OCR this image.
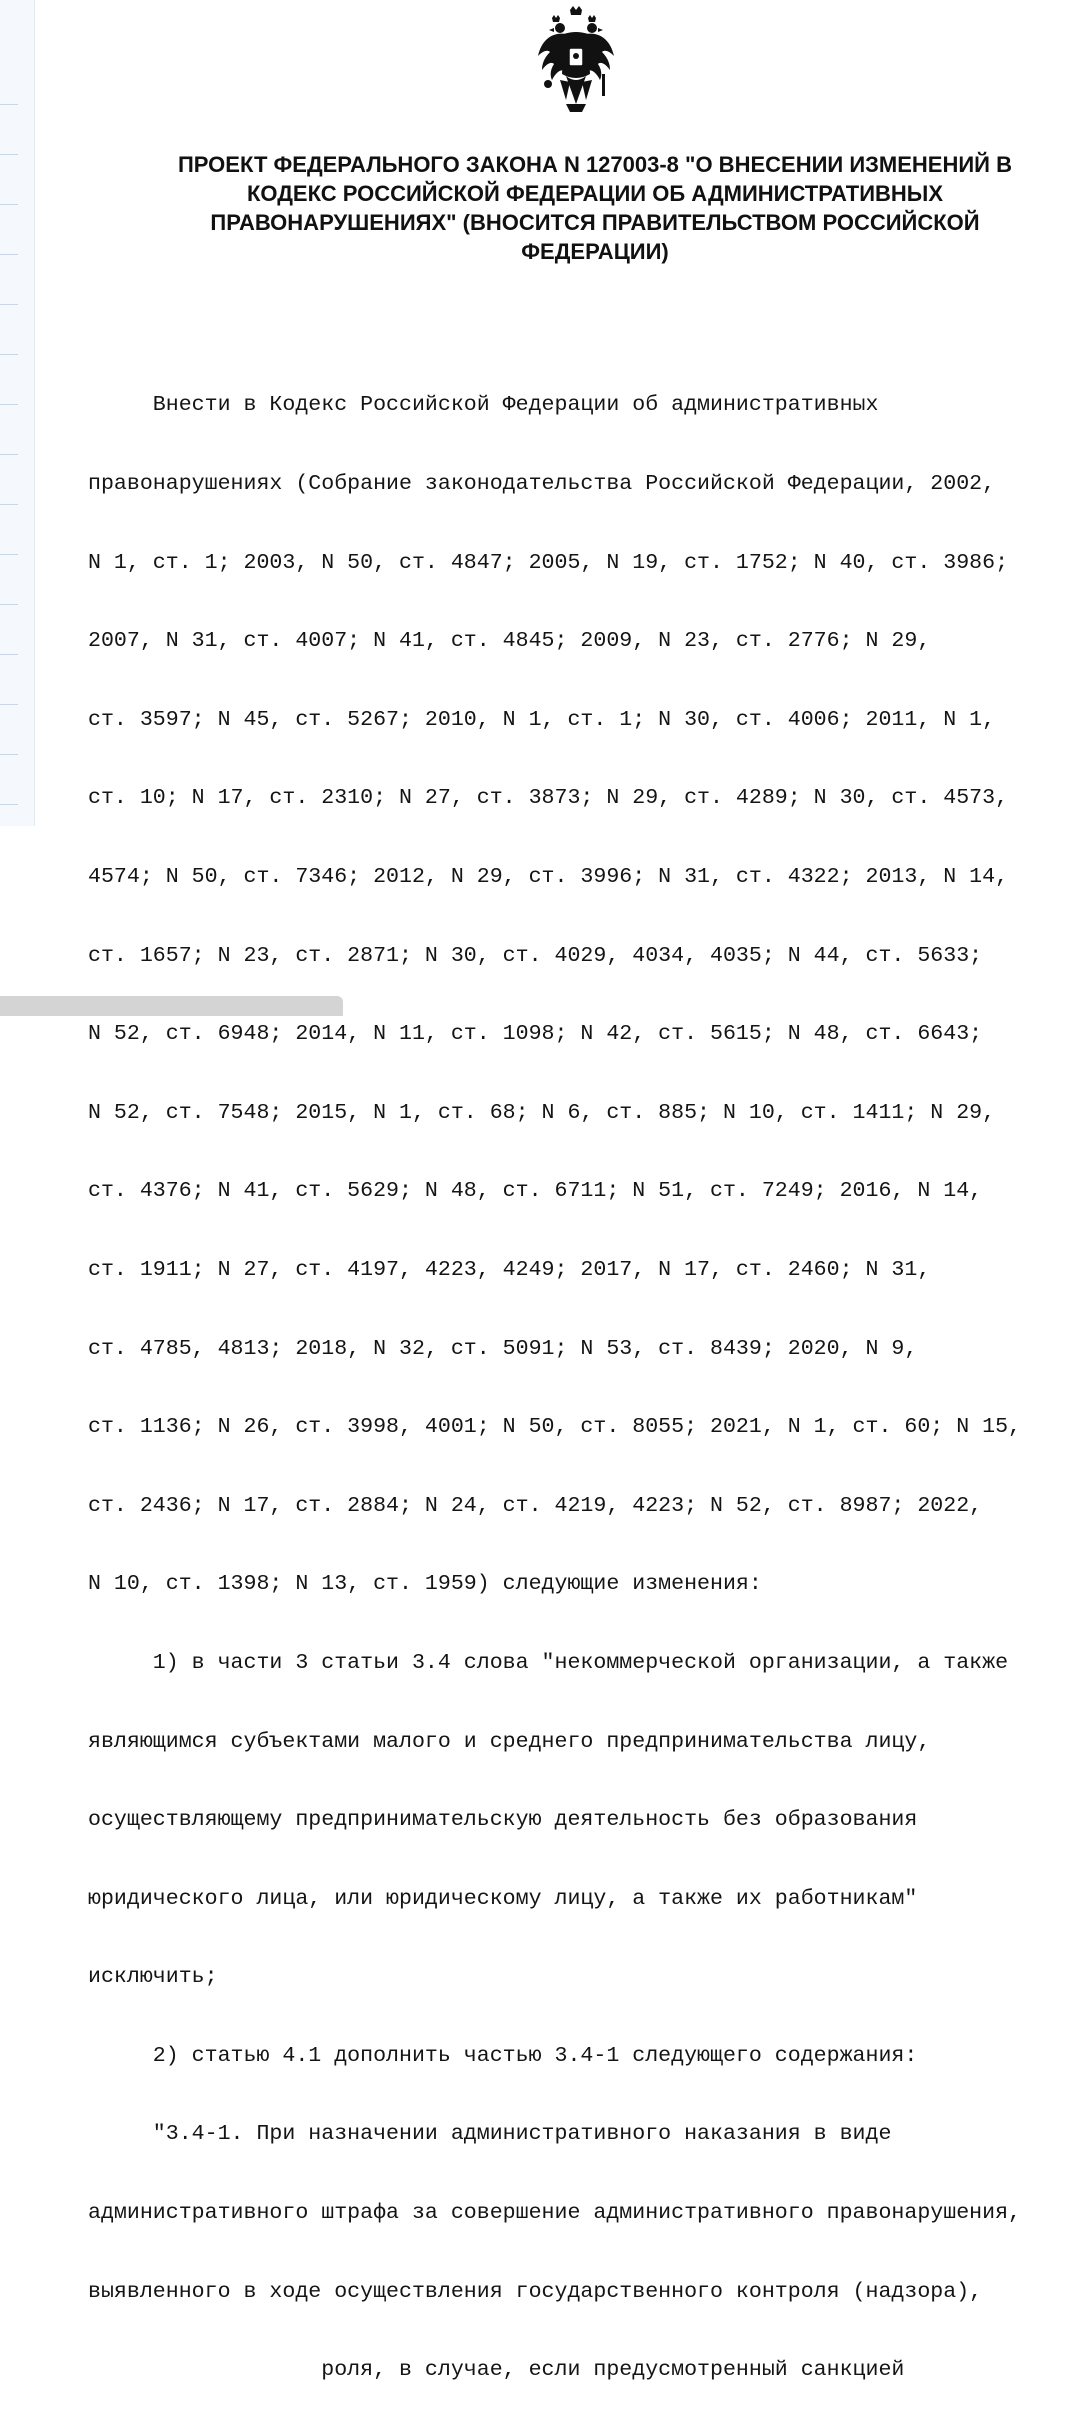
ПРОЕКТ ФЕДЕРАЛЬНОГО ЗАКОНА N 127003-8 "О ВНЕСЕНИИ ИЗМЕНЕНИЙ В
КОДЕКС РОССИЙСКОЙ ФЕДЕРАЦИИ ОБ АДМИНИСТРАТИВНЫХ
ПРАВОНАРУШЕНИЯХ" (ВНОСИТСЯ ПРАВИТЕЛЬСТВОМ РОССИЙСКОЙ
ФЕДЕРАЦИИ)

Внести в Кодекс Российской Федерации об административных

правонарушениях (Собрание законодательства Российской Федерации, 2002,

N 1, ст. 1; 2003, N 50, ст. 4847; 2005, N 19, ст. 1752; N 40, ст. 3986;

2007, N 31, ст. 4007; N 41, ст. 4845; 2009, N 23, ст. 2776; N 29,

ст. 3597; N 45, ст. 5267; 2010, N 1, ст. 1; N 30, ст. 4006; 2011, N 1,

ст. 10; N 17, ст. 2310; N 27, ст. 3873; N 29, ст. 4289; N 30, ст. 4573,

4574; N 50, ст. 7346; 2012, N 29, ст. 3996; N 31, ст. 4322; 2013, N 14,

ст. 1657; N 23, ст. 2871; N 30, ст. 4029, 4034, 4035; N 44, ст. 5633;

N 52, ст. 6948; 2014, N 11, ст. 1098; N 42, ст. 5615; N 48, ст. 6643;

N 52, ст. 7548; 2015, N 1, ст. 68; N 6, ст. 885; N 10, ст. 1411; N 29,

ст. 4376; N 41, ст. 5629; N 48, ст. 6711; N 51, ст. 7249; 2016, N 14,

ст. 1911; N 27, ст. 4197, 4223, 4249; 2017, N 17, ст. 2460; N 31,

ст. 4785, 4813; 2018, N 32, ст. 5091; N 53, ст. 8439; 2020, N 9,

ст. 1136; N 26, ст. 3998, 4001; N 50, ст. 8055; 2021, N 1, ст. 60; N 15,

ст. 2436; N 17, ст. 2884; N 24, ст. 4219, 4223; N 52, ст. 8987; 2022,

N 10, ст. 1398; N 13, ст. 1959) следующие изменения:

1) в части 3 статьи 3.4 слова "некоммерческой организации, а также

являющимся субъектами малого и среднего предпринимательства лицу,

осуществляющему предпринимательскую деятельность без образования

юридического лица, или юридическому лицу, а также их работникам"

исключить;

2) статью 4.1 дополнить частью 3.4-1 следующего содержания:

"3.4-1. При назначении административного наказания в виде

административного штрафа за совершение административного правонарушения,

выявленного в ходе осуществления государственного контроля (надзора),

роля, в случае, если предусмотренный санкцией
